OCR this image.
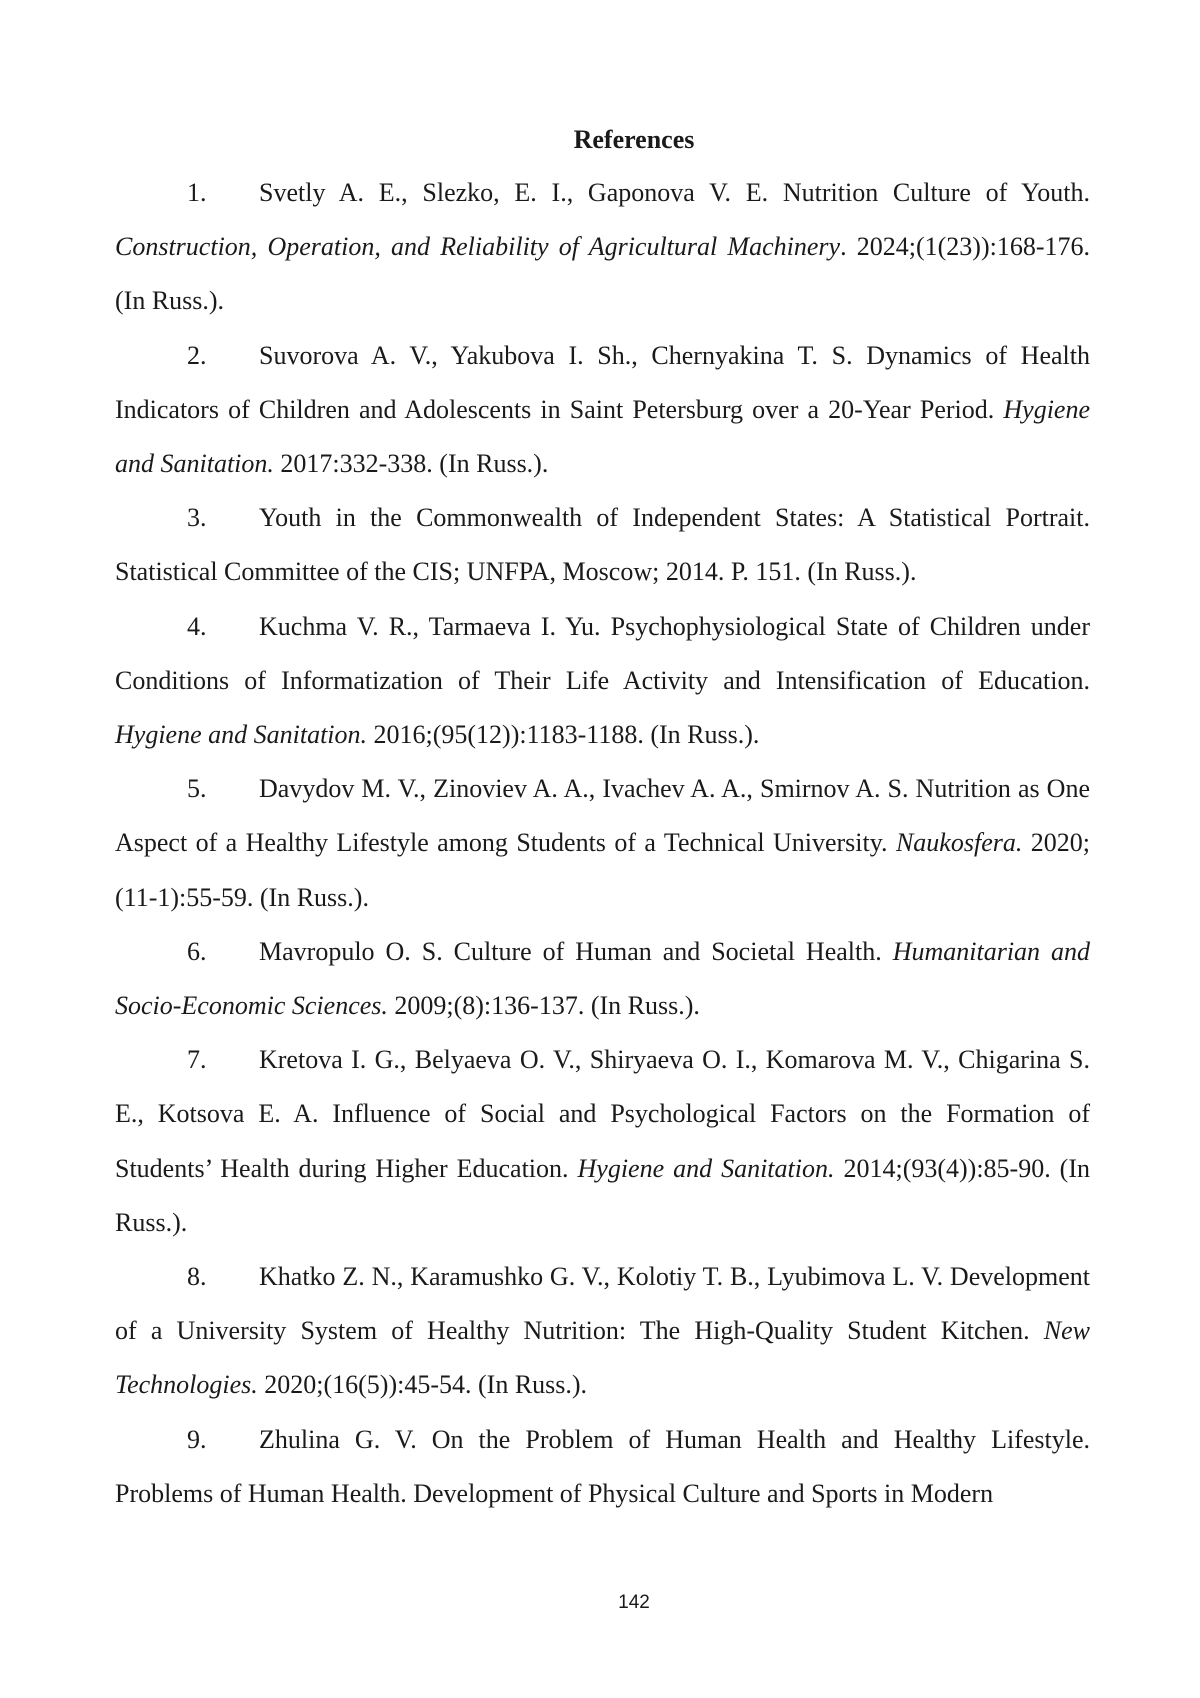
References

1. Svetly A. E., Slezko, E. I., Gaponova V. E. Nutrition Culture of Youth. Construction, Operation, and Reliability of Agricultural Machinery. 2024;(1(23)):168-176. (In Russ.).

2. Suvorova A. V., Yakubova I. Sh., Chernyakina T. S. Dynamics of Health Indicators of Children and Adolescents in Saint Petersburg over a 20-Year Period. Hygiene and Sanitation. 2017:332-338. (In Russ.).

3. Youth in the Commonwealth of Independent States: A Statistical Portrait. Statistical Committee of the CIS; UNFPA, Moscow; 2014. P. 151. (In Russ.).

4. Kuchma V. R., Tarmaeva I. Yu. Psychophysiological State of Children under Conditions of Informatization of Their Life Activity and Intensification of Education. Hygiene and Sanitation. 2016;(95(12)):1183-1188. (In Russ.).

5. Davydov M. V., Zinoviev A. A., Ivachev A. A., Smirnov A. S. Nutrition as One Aspect of a Healthy Lifestyle among Students of a Technical University. Naukosfera. 2020;(11-1):55-59. (In Russ.).

6. Mavropulo O. S. Culture of Human and Societal Health. Humanitarian and Socio-Economic Sciences. 2009;(8):136-137. (In Russ.).

7. Kretova I. G., Belyaeva O. V., Shiryaeva O. I., Komarova M. V., Chigarina S. E., Kotsova E. A. Influence of Social and Psychological Factors on the Formation of Students’ Health during Higher Education. Hygiene and Sanitation. 2014;(93(4)):85-90. (In Russ.).

8. Khatko Z. N., Karamushko G. V., Kolotiy T. B., Lyubimova L. V. Development of a University System of Healthy Nutrition: The High-Quality Student Kitchen. New Technologies. 2020;(16(5)):45-54. (In Russ.).

9. Zhulina G. V. On the Problem of Human Health and Healthy Lifestyle. Problems of Human Health. Development of Physical Culture and Sports in Modern

142
